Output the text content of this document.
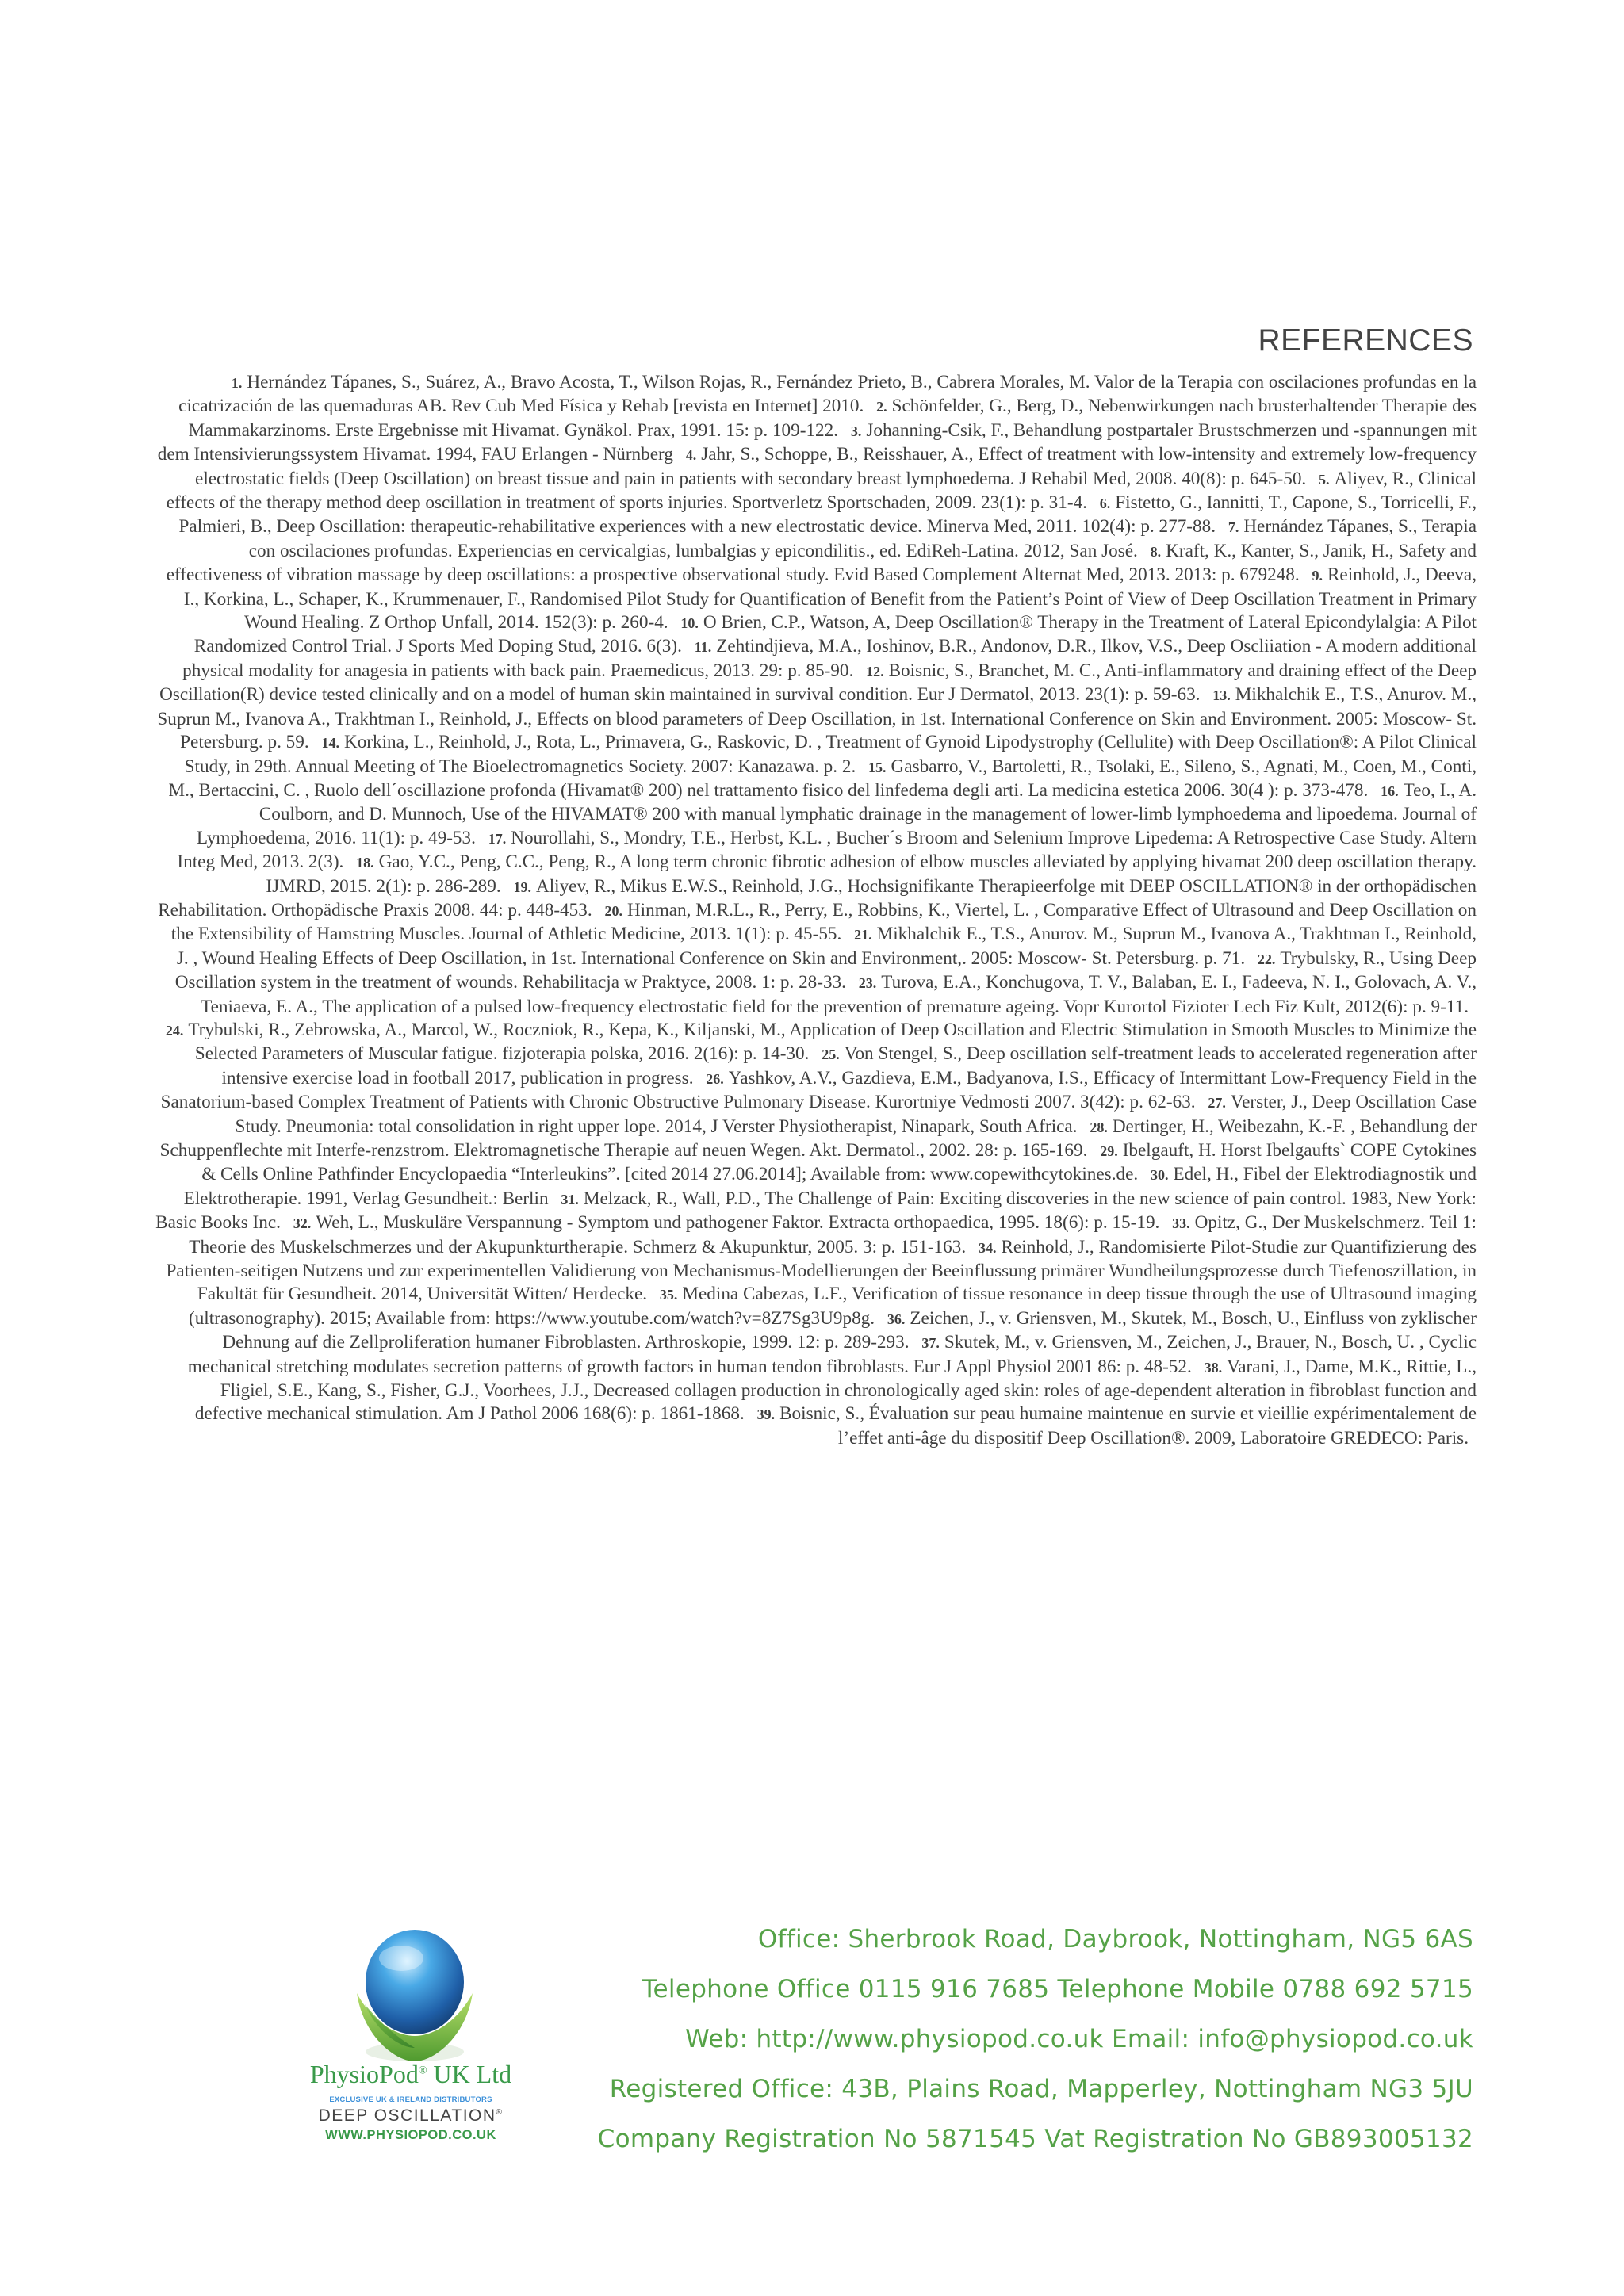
REFERENCES

1. Hernández Tápanes, S., Suárez, A., Bravo Acosta, T., Wilson Rojas, R., Fernández Prieto, B., Cabrera Morales, M. Valor de la Terapia con oscilaciones profundas en la cicatrización de las quemaduras AB. Rev Cub Med Física y Rehab [revista en Internet] 2010. 2. Schönfelder, G., Berg, D., Nebenwirkungen nach brusterhaltender Therapie des Mammakarzinoms. Erste Ergebnisse mit Hivamat. Gynäkol. Prax, 1991. 15: p. 109-122. 3. Johanning-Csik, F., Behandlung postpartaler Brustschmerzen und -spannungen mit dem Intensivierungssystem Hivamat. 1994, FAU Erlangen - Nürnberg 4. Jahr, S., Schoppe, B., Reisshauer, A., Effect of treatment with low-intensity and extremely low-frequency electrostatic fields (Deep Oscillation) on breast tissue and pain in patients with secondary breast lymphoedema. J Rehabil Med, 2008. 40(8): p. 645-50. 5. Aliyev, R., Clinical effects of the therapy method deep oscillation in treatment of sports injuries. Sportverletz Sportschaden, 2009. 23(1): p. 31-4. 6. Fistetto, G., Iannitti, T., Capone, S., Torricelli, F., Palmieri, B., Deep Oscillation: therapeutic-rehabilitative experiences with a new electrostatic device. Minerva Med, 2011. 102(4): p. 277-88. 7. Hernández Tápanes, S., Terapia con oscilaciones profundas. Experiencias en cervicalgias, lumbalgias y epicondilitis., ed. EdiReh-Latina. 2012, San José. 8. Kraft, K., Kanter, S., Janik, H., Safety and effectiveness of vibration massage by deep oscillations: a prospective observational study. Evid Based Complement Alternat Med, 2013. 2013: p. 679248. 9. Reinhold, J., Deeva, I., Korkina, L., Schaper, K., Krummenauer, F., Randomised Pilot Study for Quantification of Benefit from the Patient’s Point of View of Deep Oscillation Treatment in Primary Wound Healing. Z Orthop Unfall, 2014. 152(3): p. 260-4. 10. O Brien, C.P., Watson, A, Deep Oscillation® Therapy in the Treatment of Lateral Epicondylalgia: A Pilot Randomized Control Trial. J Sports Med Doping Stud, 2016. 6(3). 11. Zehtindjieva, M.A., Ioshinov, B.R., Andonov, D.R., Ilkov, V.S., Deep Oscliiation - A modern additional physical modality for anagesia in patients with back pain. Praemedicus, 2013. 29: p. 85-90. 12. Boisnic, S., Branchet, M. C., Anti-inflammatory and draining effect of the Deep Oscillation(R) device tested clinically and on a model of human skin maintained in survival condition. Eur J Dermatol, 2013. 23(1): p. 59-63. 13. Mikhalchik E., T.S., Anurov. M., Suprun M., Ivanova A., Trakhtman I., Reinhold, J., Effects on blood parameters of Deep Oscillation, in 1st. International Conference on Skin and Environment. 2005: Moscow- St. Petersburg. p. 59. 14. Korkina, L., Reinhold, J., Rota, L., Primavera, G., Raskovic, D. , Treatment of Gynoid Lipodystrophy (Cellulite) with Deep Oscillation®: A Pilot Clinical Study, in 29th. Annual Meeting of The Bioelectromagnetics Society. 2007: Kanazawa. p. 2. 15. Gasbarro, V., Bartoletti, R., Tsolaki, E., Sileno, S., Agnati, M., Coen, M., Conti, M., Bertaccini, C. , Ruolo dell´oscillazione profonda (Hivamat® 200) nel trattamento fisico del linfedema degli arti. La medicina estetica 2006. 30(4 ): p. 373-478. 16. Teo, I., A. Coulborn, and D. Munnoch, Use of the HIVAMAT® 200 with manual lymphatic drainage in the management of lower-limb lymphoedema and lipoedema. Journal of Lymphoedema, 2016. 11(1): p. 49-53. 17. Nourollahi, S., Mondry, T.E., Herbst, K.L. , Bucher´s Broom and Selenium Improve Lipedema: A Retrospective Case Study. Altern Integ Med, 2013. 2(3). 18. Gao, Y.C., Peng, C.C., Peng, R., A long term chronic fibrotic adhesion of elbow muscles alleviated by applying hivamat 200 deep oscillation therapy. IJMRD, 2015. 2(1): p. 286-289. 19. Aliyev, R., Mikus E.W.S., Reinhold, J.G., Hochsignifikante Therapieerfolge mit DEEP OSCILLATION® in der orthopädischen Rehabilitation. Orthopädische Praxis 2008. 44: p. 448-453. 20. Hinman, M.R.L., R., Perry, E., Robbins, K., Viertel, L. , Comparative Effect of Ultrasound and Deep Oscillation on the Extensibility of Hamstring Muscles. Journal of Athletic Medicine, 2013. 1(1): p. 45-55. 21. Mikhalchik E., T.S., Anurov. M., Suprun M., Ivanova A., Trakhtman I., Reinhold, J. , Wound Healing Effects of Deep Oscillation, in 1st. International Conference on Skin and Environment,. 2005: Moscow- St. Petersburg. p. 71. 22. Trybulsky, R., Using Deep Oscillation system in the treatment of wounds. Rehabilitacja w Praktyce, 2008. 1: p. 28-33. 23. Turova, E.A., Konchugova, T. V., Balaban, E. I., Fadeeva, N. I., Golovach, A. V., Teniaeva, E. A., The application of a pulsed low-frequency electrostatic field for the prevention of premature ageing. Vopr Kurortol Fizioter Lech Fiz Kult, 2012(6): p. 9-11. 24. Trybulski, R., Zebrowska, A., Marcol, W., Roczniok, R., Kepa, K., Kiljanski, M., Application of Deep Oscillation and Electric Stimulation in Smooth Muscles to Minimize the Selected Parameters of Muscular fatigue. fizjoterapia polska, 2016. 2(16): p. 14-30. 25. Von Stengel, S., Deep oscillation self-treatment leads to accelerated regeneration after intensive exercise load in football 2017, publication in progress. 26. Yashkov, A.V., Gazdieva, E.M., Badyanova, I.S., Efficacy of Intermittant Low-Frequency Field in the Sanatorium-based Complex Treatment of Patients with Chronic Obstructive Pulmonary Disease. Kurortniye Vedmosti 2007. 3(42): p. 62-63. 27. Verster, J., Deep Oscillation Case Study. Pneumonia: total consolidation in right upper lope. 2014, J Verster Physiotherapist, Ninapark, South Africa. 28. Dertinger, H., Weibezahn, K.-F. , Behandlung der Schuppenflechte mit Interfe-renzstrom. Elektromagnetische Therapie auf neuen Wegen. Akt. Dermatol., 2002. 28: p. 165-169. 29. Ibelgauft, H. Horst Ibelgaufts` COPE Cytokines & Cells Online Pathfinder Encyclopaedia “Interleukins”. [cited 2014 27.06.2014]; Available from: www.copewithcytokines.de. 30. Edel, H., Fibel der Elektrodiagnostik und Elektrotherapie. 1991, Verlag Gesundheit.: Berlin 31. Melzack, R., Wall, P.D., The Challenge of Pain: Exciting discoveries in the new science of pain control. 1983, New York: Basic Books Inc. 32. Weh, L., Muskuläre Verspannung - Symptom und pathogener Faktor. Extracta orthopaedica, 1995. 18(6): p. 15-19. 33. Opitz, G., Der Muskelschmerz. Teil 1: Theorie des Muskelschmerzes und der Akupunkturtherapie. Schmerz & Akupunktur, 2005. 3: p. 151-163. 34. Reinhold, J., Randomisierte Pilot-Studie zur Quantifizierung des Patienten-seitigen Nutzens und zur experimentellen Validierung von Mechanismus-Modellierungen der Beeinflussung primärer Wundheilungsprozesse durch Tiefenoszillation, in Fakultät für Gesundheit. 2014, Universität Witten/ Herdecke. 35. Medina Cabezas, L.F., Verification of tissue resonance in deep tissue through the use of Ultrasound imaging (ultrasonography). 2015; Available from: https://www.youtube.com/watch?v=8Z7Sg3U9p8g. 36. Zeichen, J., v. Griensven, M., Skutek, M., Bosch, U., Einfluss von zyklischer Dehnung auf die Zellproliferation humaner Fibroblasten. Arthroskopie, 1999. 12: p. 289-293. 37. Skutek, M., v. Griensven, M., Zeichen, J., Brauer, N., Bosch, U. , Cyclic mechanical stretching modulates secretion patterns of growth factors in human tendon fibroblasts. Eur J Appl Physiol 2001 86: p. 48-52. 38. Varani, J., Dame, M.K., Rittie, L., Fligiel, S.E., Kang, S., Fisher, G.J., Voorhees, J.J., Decreased collagen production in chronologically aged skin: roles of age-dependent alteration in fibroblast function and defective mechanical stimulation. Am J Pathol 2006 168(6): p. 1861-1868. 39. Boisnic, S., Évaluation sur peau humaine maintenue en survie et vieillie expérimentalement de l’effet anti-âge du dispositif Deep Oscillation®. 2009, Laboratoire GREDECO: Paris.

PhysioPod® UK Ltd
EXCLUSIVE UK & IRELAND DISTRIBUTORS
DEEP OSCILLATION®
WWW.PHYSIOPOD.CO.UK
Office: Sherbrook Road, Daybrook, Nottingham, NG5 6AS
Telephone Office 0115 916 7685 Telephone Mobile 0788 692 5715
Web: http://www.physiopod.co.uk Email: info@physiopod.co.uk
Registered Office: 43B, Plains Road, Mapperley, Nottingham NG3 5JU
Company Registration No 5871545 Vat Registration No GB893005132
